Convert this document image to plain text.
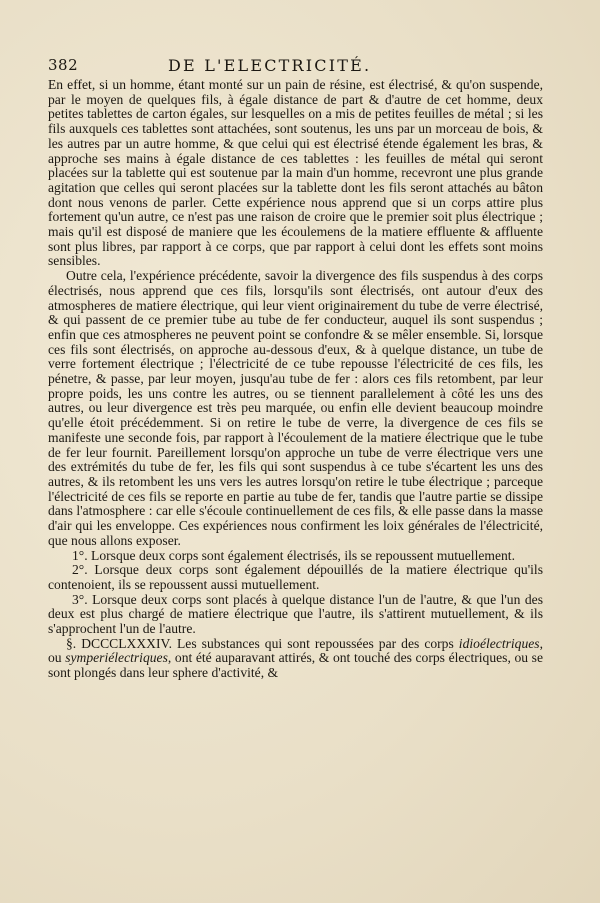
382	DE L'ELECTRICITÉ.

En effet, si un homme, étant monté sur un pain de résine, est électrisé, & qu'on suspende, par le moyen de quelques fils, à égale distance de part & d'autre de cet homme, deux petites tablettes de carton égales, sur lesquelles on a mis de petites feuilles de métal ; si les fils auxquels ces tablettes sont attachées, sont soutenus, les uns par un morceau de bois, & les autres par un autre homme, & que celui qui est électrisé étende également les bras, & approche ses mains à égale distance de ces tablettes : les feuilles de métal qui seront placées sur la tablette qui est soutenue par la main d'un homme, recevront une plus grande agitation que celles qui seront placées sur la tablette dont les fils seront attachés au bâton dont nous venons de parler. Cette expérience nous apprend que si un corps attire plus fortement qu'un autre, ce n'est pas une raison de croire que le premier soit plus électrique ; mais qu'il est disposé de maniere que les écoulemens de la matiere effluente & affluente sont plus libres, par rapport à ce corps, que par rapport à celui dont les effets sont moins sensibles.

Outre cela, l'expérience précédente, savoir la divergence des fils suspendus à des corps électrisés, nous apprend que ces fils, lorsqu'ils sont électrisés, ont autour d'eux des atmospheres de matiere électrique, qui leur vient originairement du tube de verre électrisé, & qui passent de ce premier tube au tube de fer conducteur, auquel ils sont suspendus ; enfin que ces atmospheres ne peuvent point se confondre & se mêler ensemble. Si, lorsque ces fils sont électrisés, on approche au-dessous d'eux, & à quelque distance, un tube de verre fortement électrique ; l'électricité de ce tube repousse l'électricité de ces fils, les pénetre, & passe, par leur moyen, jusqu'au tube de fer : alors ces fils retombent, par leur propre poids, les uns contre les autres, ou se tiennent parallelement à côté les uns des autres, ou leur divergence est très peu marquée, ou enfin elle devient beaucoup moindre qu'elle étoit précédemment. Si on retire le tube de verre, la divergence de ces fils se manifeste une seconde fois, par rapport à l'écoulement de la matiere électrique que le tube de fer leur fournit. Pareillement lorsqu'on approche un tube de verre électrique vers une des extrémités du tube de fer, les fils qui sont suspendus à ce tube s'écartent les uns des autres, & ils retombent les uns vers les autres lorsqu'on retire le tube électrique ; parceque l'électricité de ces fils se reporte en partie au tube de fer, tandis que l'autre partie se dissipe dans l'atmosphere : car elle s'écoule continuellement de ces fils, & elle passe dans la masse d'air qui les enveloppe. Ces expériences nous confirment les loix générales de l'électricité, que nous allons exposer.

1°. Lorsque deux corps sont également électrisés, ils se repoussent mutuellement.

2°. Lorsque deux corps sont également dépouillés de la matiere électrique qu'ils contenoient, ils se repoussent aussi mutuellement.

3°. Lorsque deux corps sont placés à quelque distance l'un de l'autre, & que l'un des deux est plus chargé de matiere électrique que l'autre, ils s'attirent mutuellement, & ils s'approchent l'un de l'autre.

§. DCCCLXXXIV. Les substances qui sont repoussées par des corps idioélectriques, ou symperiélectriques, ont été auparavant attirés, & ont touché des corps électriques, ou se sont plongés dans leur sphere d'activité, &
